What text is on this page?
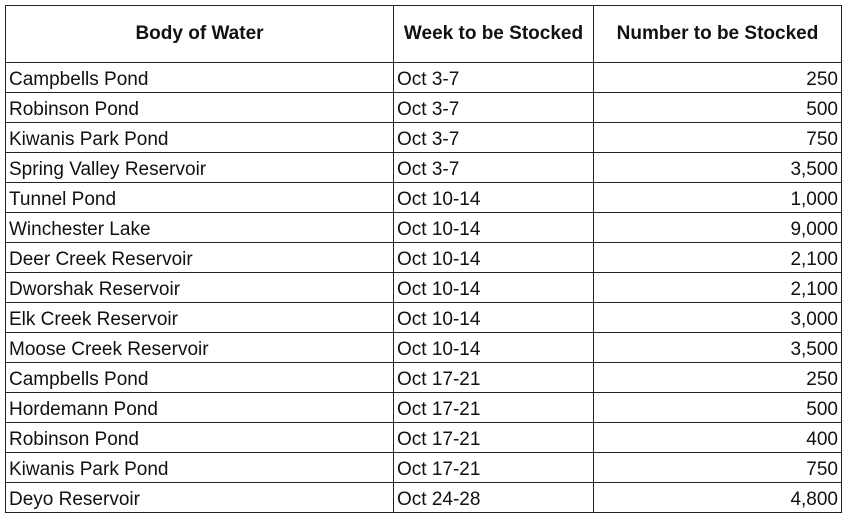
Body of Water	Week to be Stocked	Number to be Stocked
Campbells Pond	Oct 3-7	250
Robinson Pond	Oct 3-7	500
Kiwanis Park Pond	Oct 3-7	750
Spring Valley Reservoir	Oct 3-7	3,500
Tunnel Pond	Oct 10-14	1,000
Winchester Lake	Oct 10-14	9,000
Deer Creek Reservoir	Oct 10-14	2,100
Dworshak Reservoir	Oct 10-14	2,100
Elk Creek Reservoir	Oct 10-14	3,000
Moose Creek Reservoir	Oct 10-14	3,500
Campbells Pond	Oct 17-21	250
Hordemann Pond	Oct 17-21	500
Robinson Pond	Oct 17-21	400
Kiwanis Park Pond	Oct 17-21	750
Deyo Reservoir	Oct 24-28	4,800
